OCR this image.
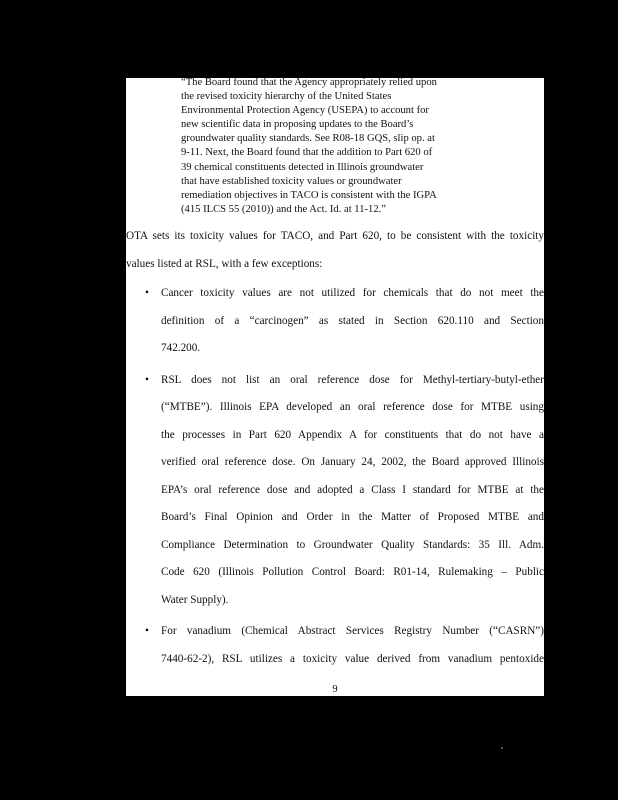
“The Board found that the Agency appropriately relied upon

the revised toxicity hierarchy of the United States

Environmental Protection Agency (USEPA) to account for

new scientific data in proposing updates to the Board’s

groundwater quality standards. See R08-18 GQS, slip op. at

9-11. Next, the Board found that the addition to Part 620 of

39 chemical constituents detected in Illinois groundwater

that have established toxicity values or groundwater

remediation objectives in TACO is consistent with the IGPA

(415 ILCS 55 (2010)) and the Act. Id. at 11-12.”

OTA sets its toxicity values for TACO, and Part 620, to be consistent with the toxicity
values listed at RSL, with a few exceptions:
• Cancer toxicity values are not utilized for chemicals that do not meet the
definition of a “carcinogen” as stated in Section 620.110 and Section
742.200.
• RSL does not list an oral reference dose for Methyl-tertiary-butyl-ether
(“MTBE”). Illinois EPA developed an oral reference dose for MTBE using
the processes in Part 620 Appendix A for constituents that do not have a
verified oral reference dose. On January 24, 2002, the Board approved Illinois
EPA’s oral reference dose and adopted a Class I standard for MTBE at the
Board’s Final Opinion and Order in the Matter of Proposed MTBE and
Compliance Determination to Groundwater Quality Standards: 35 Ill. Adm.
Code 620 (Illinois Pollution Control Board: R01-14, Rulemaking – Public
Water Supply).
• For vanadium (Chemical Abstract Services Registry Number (“CASRN”)
7440-62-2), RSL utilizes a toxicity value derived from vanadium pentoxide
9
